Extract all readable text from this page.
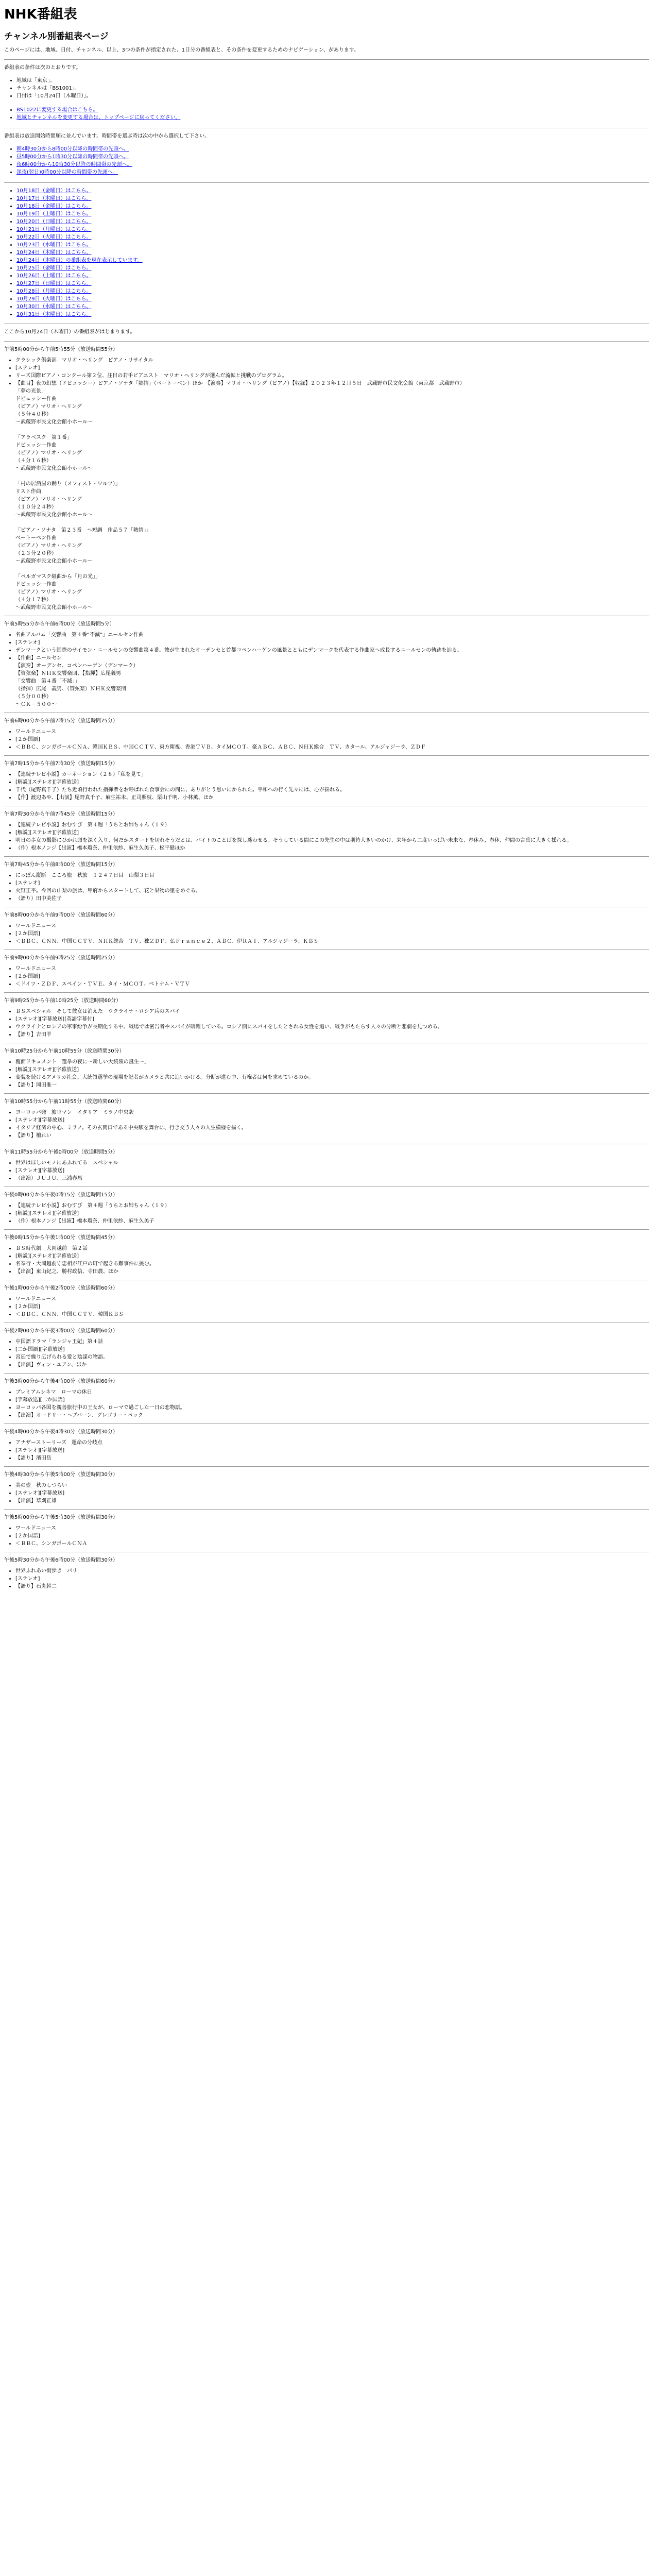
NHK番組表
チャンネル別番組表ページ

このページには、地域、日付、チャンネル、以上、3つの条件が指定された、1日分の番組表と、その条件を変更するためのナビゲーション、があります。

番組表の条件は次のとおりです。

• 地域は「東京」。
• チャンネルは「BS1001」。
• 日付は「10月24日（木曜日）」。
• BS1022に変更する場合はこちら。
• 地域とチャンネルを変更する場合は、トップページに戻ってください。

番組表は放送開始時間順に並んでいます。時間帯を選ぶ時は次の中から選択して下さい。

• 朝4時30分から8時00分以降の時間帯の先頭へ。
• 昼5時00分から1時30分以降の時間帯の先頭へ。
• 夜6時00分から10時30分以降の時間帯の先頭へ。
• 深夜(翌日)0時00分以降の時間帯の先頭へ。
• 10月18日（金曜日）はこちら。
• 10月17日（木曜日）はこちら。
• 10月18日（金曜日）はこちら。
• 10月19日（土曜日）はこちら。
• 10月20日（日曜日）はこちら。
• 10月21日（月曜日）はこちら。
• 10月22日（火曜日）はこちら。
• 10月23日（水曜日）はこちら。
• 10月24日（木曜日）はこちら。
• 10月24日（木曜日）の番組表を現在表示しています。
• 10月25日（金曜日）はこちら。
• 10月26日（土曜日）はこちら。
• 10月27日（日曜日）はこちら。
• 10月28日（月曜日）はこちら。
• 10月29日（火曜日）はこちら。
• 10月30日（水曜日）はこちら。
• 10月31日（木曜日）はこちら。

ここから10月24日（木曜日）の番組表がはじまります。

午前5時00分から午前5時55分（放送時間55分）

• クラシック倶楽部　マリオ・ヘリング　ピアノ・リサイタル
• [ステレオ]
• リーズ国際ピアノ・コンクール第２位、注目の若手ピアニスト　マリオ・ヘリングが選んだ流転と挑戦のプログラム。
• 【曲目】夜の幻想（ドビュッシー）ピアノ・ソナタ「熱情」（ベートーベン）ほか　【演奏】マリオ・ヘリング（ピアノ）【収録】２０２３年１２月５日　武蔵野市民文化会館（東京都　武蔵野市）
「夢の光景」
ドビュッシー作曲
（ピアノ）マリオ・ヘリング
（５分４０秒）
～武蔵野市民文化会館小ホール～

「アラベスク　第１番」
ドビュッシー作曲
（ピアノ）マリオ・ヘリング
（４分１６秒）
～武蔵野市民文化会館小ホール～

「村の居酒屋の踊り（メフィスト・ワルツ）」
リスト作曲
（ピアノ）マリオ・ヘリング
（１０分２４秒）
～武蔵野市民文化会館小ホール～

「ピアノ・ソナタ　第２３番　ヘ短調　作品５７「熱情」」
ベートーベン作曲
（ピアノ）マリオ・ヘリング
（２３分２０秒）
～武蔵野市民文化会館小ホール～

「ベルガマスク組曲から「月の光」」
ドビュッシー作曲
（ピアノ）マリオ・ヘリング
（４分１７秒）
～武蔵野市民文化会館小ホール～

午前5時55分から午前6時00分（放送時間5分）

• 名曲アルバム「交響曲　第４番“不滅”」ニールセン作曲
• [ステレオ]
• デンマークという国際のサイモン・ニールセンの交響曲第４番。彼が生まれたオーデンセと首都コペンハーゲンの風景とともにデンマークを代表する作曲家へ成長するニールセンの軌跡を辿る。
• 【作曲】ニールセン
【演奏】オーデンセ、コペンハーゲン（デンマーク）
【管弦楽】ＮＨＫ交響楽団、【指揮】広尾義男
「交響曲　第４番「不滅」」
（指揮）広尾　義男、（管弦楽）ＮＨＫ交響楽団
（５分００秒）
～ＣＫ－５００～

午前6時00分から午前7時15分（放送時間75分）

• ワールドニュース
• [２か国語]
• ＜ＢＢＣ、シンガポールＣＮＡ、韓国ＫＢＳ、中国ＣＣＴＶ、東方衛視、香港ＴＶＢ、タイＭＣＯＴ、豪ＡＢＣ、ＡＢＣ、ＮＨＫ総合　ＴＶ、カタール、アルジャジーラ、ＺＤＦ

午前7時15分から午前7時30分（放送時間15分）

• 【連続テレビ小説】カーネーション（２８）「私を見て」
• [解説][ステレオ][字幕放送]
• 千代（尾野真千子）たち近頃行われた指揮者をお呼ばれた食事会にの間に、ありがとう思いにかられた。平和への行く先々には、心が揺れる。
• 【作】渡辺あや、【出演】尾野真千子、麻生祐未、正司照枝、栗山千明、小林薫、ほか

午前7時30分から午前7時45分（放送時間15分）

• 【連続テレビ小説】おむすび　第４週「うちとお姉ちゃん（１９）
• [解説][ステレオ][字幕放送]
• 明日の歩女の撮影にひかれ頭を深く入り、何だかスタートを切れそうだとは、バイトのことばを探し迷わせる。そうしている間にこの先生の中は期待大きいのかけ、来年から二度いっぱい未来な、春休み、春休、仲間の言葉に大きく揺れる。
• （作）根本ノンジ【出演】橋本環奈、仲里依紗、麻生久美子、松平健ほか

午前7時45分から午前8時00分（放送時間15分）

• にっぽん縦断　こころ旅　秋旅　１２４７日目　山梨３日目
• [ステレオ]
• 火野正平。今回の山梨の旅は、甲府からスタートして、花と果物の里をめぐる。
• （語り）田中美佐子

午前8時00分から午前9時00分（放送時間60分）

• ワールドニュース
• [２か国語]
• ＜ＢＢＣ、ＣＮＮ、中国ＣＣＴＶ、ＮＨＫ総合　ＴＶ、独ＺＤＦ、仏Ｆｒａｎｃｅ２、ＡＢＣ、伊ＲＡＩ、アルジャジーラ、ＫＢＳ

午前9時00分から午前9時25分（放送時間25分）

• ワールドニュース
• [２か国語]
• ＜ドイツ・ＺＤＦ、スペイン・ＴＶＥ、タイ・ＭＣＯＴ、ベトナム・ＶＴＶ

午前9時25分から午前10時25分（放送時間60分）

• ＢＳスペシャル　そして彼女は消えた　ウクライナ・ロシア兵のスパイ
• [ステレオ][字幕放送][英語字幕付]
• ウクライナとロシアの軍事紛争が長期化する中、戦場では密告者やスパイが暗躍している。ロシア側にスパイをしたとされる女性を追い、戦争がもたらす人々の分断と悲劇を見つめる。
• 【語り】吉田羊

午前10時25分から午前10時55分（放送時間30分）

• 覆面ドキュメント「選挙の夜に～新しい大統領の誕生～」
• [解説][ステレオ][字幕放送]
• 変貌を続けるアメリカ社会。大統領選挙の現場を記者がカメラと共に追いかける。分断が進む中、有権者は何を求めているのか。
• 【語り】岡田准一

午前10時55分から午前11時55分（放送時間60分）

• ヨーロッパ発　旅ロマン　イタリア　ミラノ中央駅
• [ステレオ][字幕放送]
• イタリア経済の中心、ミラノ。その玄関口である中央駅を舞台に、行き交う人々の人生模様を描く。
• 【語り】檀れい

午前11時55分から午後0時00分（放送時間5分）

• 世界はほしいモノにあふれてる　スペシャル
• [ステレオ][字幕放送]
• （出演）ＪＵＪＵ、三浦春馬

午後0時00分から午後0時15分（放送時間15分）

• 【連続テレビ小説】おむすび　第４週「うちとお姉ちゃん（１９）
• [解説][ステレオ][字幕放送]
• （作）根本ノンジ【出演】橋本環奈、仲里依紗、麻生久美子

午後0時15分から午後1時00分（放送時間45分）

• ＢＳ時代劇　大岡越前　第２話
• [解説][ステレオ][字幕放送]
• 名奉行・大岡越前守忠相が江戸の町で起きる難事件に挑む。
• 【出演】東山紀之、勝村政信、寺田農、ほか

午後1時00分から午後2時00分（放送時間60分）

• ワールドニュース
• [２か国語]
• ＜ＢＢＣ、ＣＮＮ、中国ＣＣＴＶ、韓国ＫＢＳ

午後2時00分から午後3時00分（放送時間60分）

• 中国語ドラマ「ランジャ王妃」第４話
• [二か国語][字幕放送]
• 宮廷で繰り広げられる愛と陰謀の物語。
• 【出演】ヴィン・ユアン、ほか

午後3時00分から午後4時00分（放送時間60分）

• プレミアムシネマ　ローマの休日
• [字幕放送][二か国語]
• ヨーロッパ各国を親善旅行中の王女が、ローマで過ごした一日の恋物語。
• 【出演】オードリー・ヘプバーン、グレゴリー・ペック

午後4時00分から午後4時30分（放送時間30分）

• アナザーストーリーズ　運命の分岐点
• [ステレオ][字幕放送]
• 【語り】濱田岳

午後4時30分から午後5時00分（放送時間30分）

• 美の壺　秋のしつらい
• [ステレオ][字幕放送]
• 【出演】草刈正雄

午後5時00分から午後5時30分（放送時間30分）

• ワールドニュース
• [２か国語]
• ＜ＢＢＣ、シンガポールＣＮＡ

午後5時30分から午後6時00分（放送時間30分）

• 世界ふれあい街歩き　パリ
• [ステレオ]
• 【語り】石丸幹二
